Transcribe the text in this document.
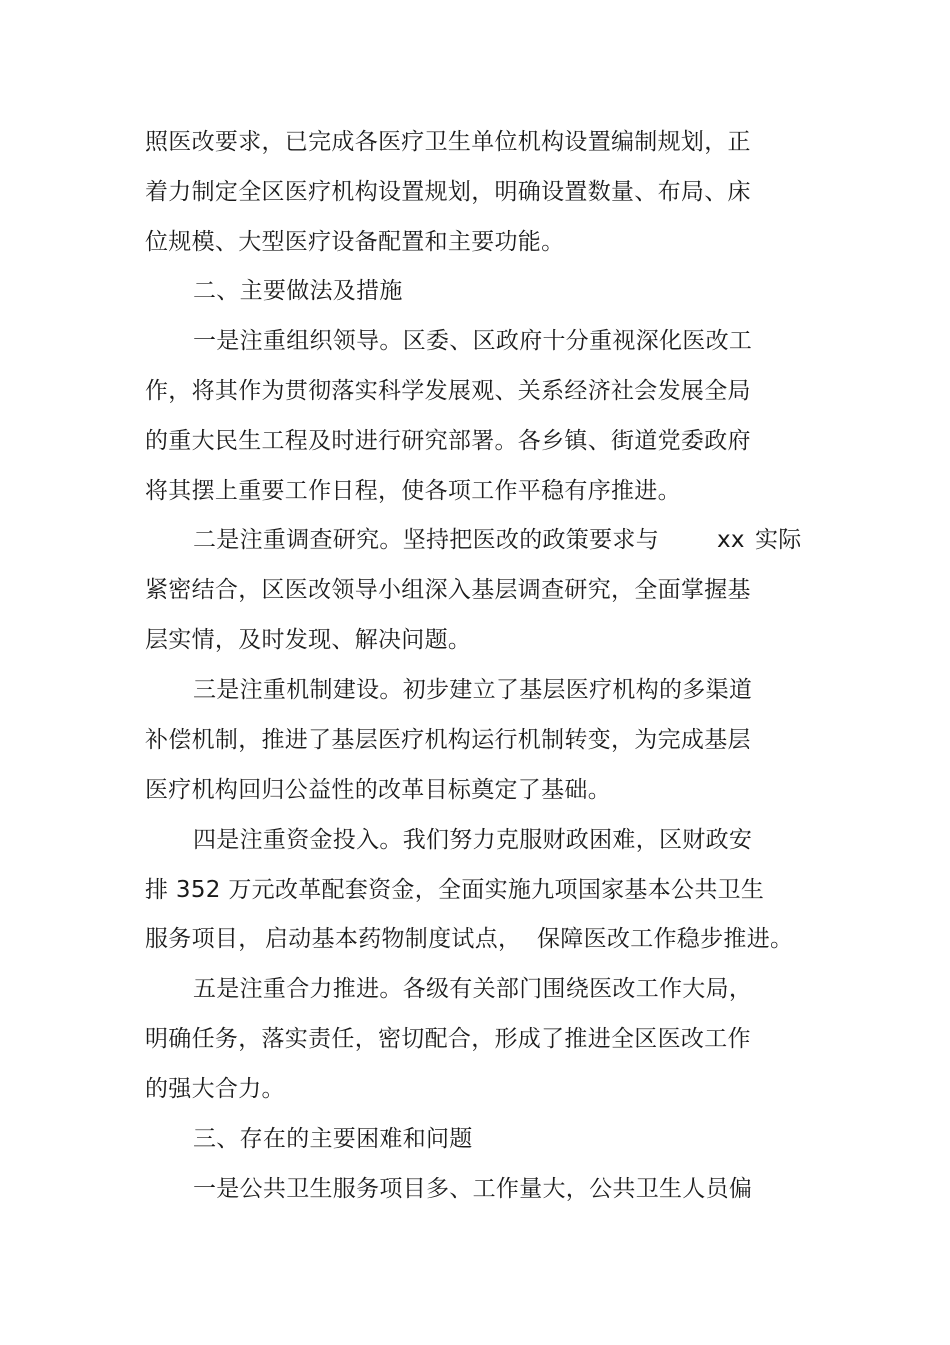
照医改要求，已完成各医疗卫生单位机构设置编制规划，正
着力制定全区医疗机构设置规划，明确设置数量、布局、床
位规模、大型医疗设备配置和主要功能。
二、主要做法及措施
一是注重组织领导。区委、区政府十分重视深化医改工
作，将其作为贯彻落实科学发展观、关系经济社会发展全局
的重大民生工程及时进行研究部署。各乡镇、街道党委政府
将其摆上重要工作日程，使各项工作平稳有序推进。
二是注重调查研究。坚持把医改的政策要求与	xx 实际
紧密结合，区医改领导小组深入基层调查研究，全面掌握基
层实情，及时发现、解决问题。
三是注重机制建设。初步建立了基层医疗机构的多渠道
补偿机制，推进了基层医疗机构运行机制转变，为完成基层
医疗机构回归公益性的改革目标奠定了基础。
四是注重资金投入。我们努力克服财政困难，区财政安
排 352 万元改革配套资金，全面实施九项国家基本公共卫生
服务项目， 启动基本药物制度试点， 保障医改工作稳步推进。
五是注重合力推进。各级有关部门围绕医改工作大局，
明确任务，落实责任，密切配合，形成了推进全区医改工作
的强大合力。
三、存在的主要困难和问题
一是公共卫生服务项目多、工作量大，公共卫生人员偏
